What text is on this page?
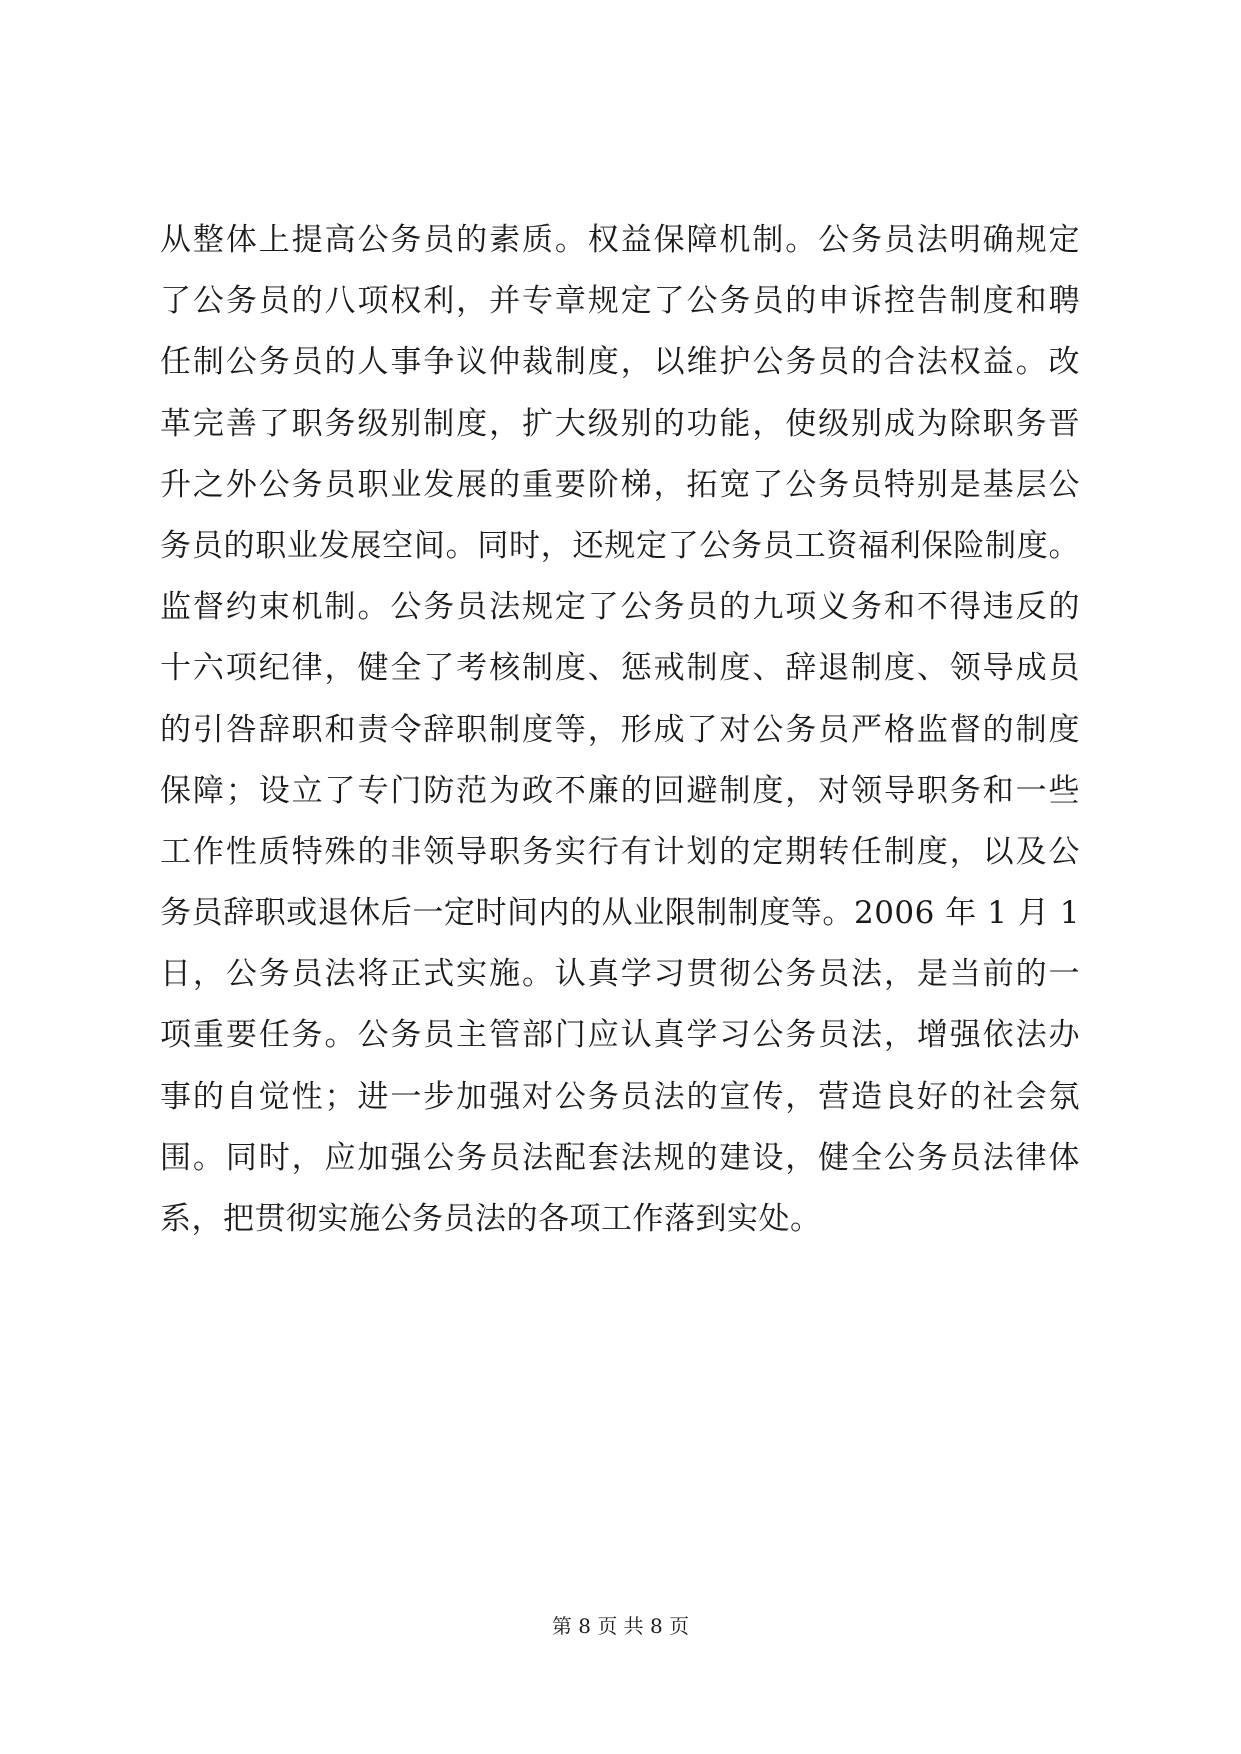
从整体上提高公务员的素质。权益保障机制。公务员法明确规定
了公务员的八项权利，并专章规定了公务员的申诉控告制度和聘
任制公务员的人事争议仲裁制度，以维护公务员的合法权益。改
革完善了职务级别制度，扩大级别的功能，使级别成为除职务晋
升之外公务员职业发展的重要阶梯，拓宽了公务员特别是基层公
务员的职业发展空间。同时，还规定了公务员工资福利保险制度。
监督约束机制。公务员法规定了公务员的九项义务和不得违反的
十六项纪律，健全了考核制度、惩戒制度、辞退制度、领导成员
的引咎辞职和责令辞职制度等，形成了对公务员严格监督的制度
保障；设立了专门防范为政不廉的回避制度，对领导职务和一些
工作性质特殊的非领导职务实行有计划的定期转任制度，以及公
务员辞职或退休后一定时间内的从业限制制度等。2006 年 1 月 1
日，公务员法将正式实施。认真学习贯彻公务员法，是当前的一
项重要任务。公务员主管部门应认真学习公务员法，增强依法办
事的自觉性；进一步加强对公务员法的宣传，营造良好的社会氛
围。同时，应加强公务员法配套法规的建设，健全公务员法律体
系，把贯彻实施公务员法的各项工作落到实处。
第 8 页 共 8 页
